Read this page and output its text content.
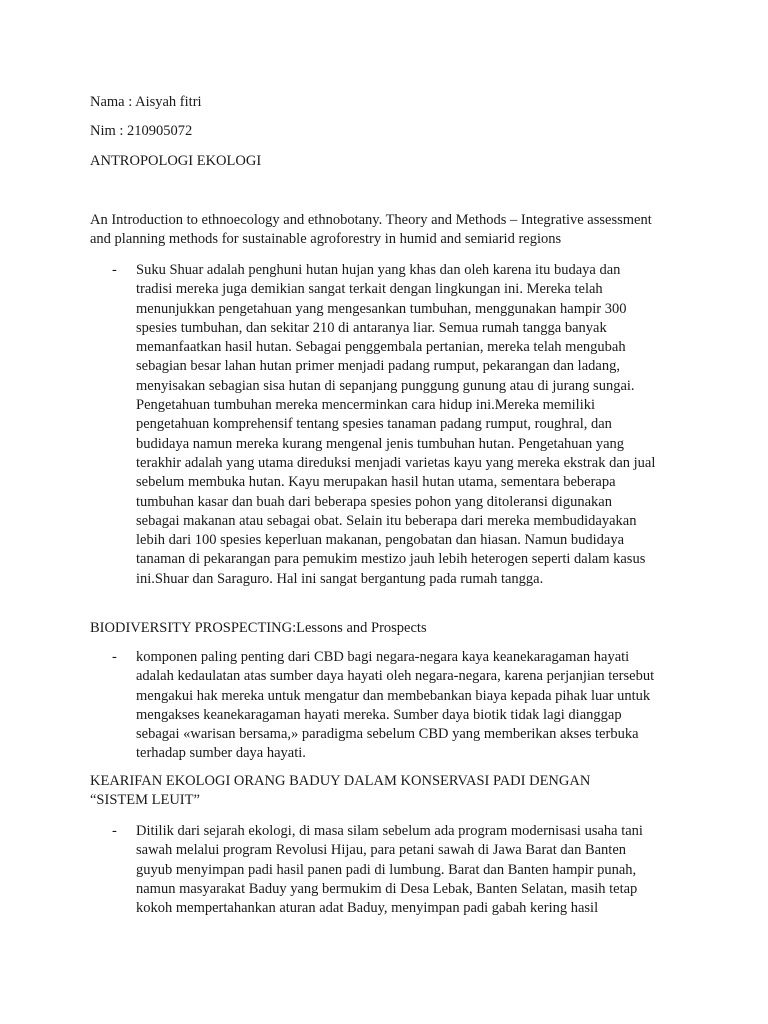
Nama : Aisyah fitri
Nim : 210905072
ANTROPOLOGI EKOLOGI
An Introduction to ethnoecology and ethnobotany. Theory and Methods – Integrative assessment
and planning methods for sustainable agroforestry in humid and semiarid regions
- Suku Shuar adalah penghuni hutan hujan yang khas dan oleh karena itu budaya dan
tradisi mereka juga demikian sangat terkait dengan lingkungan ini. Mereka telah
menunjukkan pengetahuan yang mengesankan tumbuhan, menggunakan hampir 300
spesies tumbuhan, dan sekitar 210 di antaranya liar. Semua rumah tangga banyak
memanfaatkan hasil hutan. Sebagai penggembala pertanian, mereka telah mengubah
sebagian besar lahan hutan primer menjadi padang rumput, pekarangan dan ladang,
menyisakan sebagian sisa hutan di sepanjang punggung gunung atau di jurang sungai.
Pengetahuan tumbuhan mereka mencerminkan cara hidup ini.Mereka memiliki
pengetahuan komprehensif tentang spesies tanaman padang rumput, roughral, dan
budidaya namun mereka kurang mengenal jenis tumbuhan hutan. Pengetahuan yang
terakhir adalah yang utama direduksi menjadi varietas kayu yang mereka ekstrak dan jual
sebelum membuka hutan. Kayu merupakan hasil hutan utama, sementara beberapa
tumbuhan kasar dan buah dari beberapa spesies pohon yang ditoleransi digunakan
sebagai makanan atau sebagai obat. Selain itu beberapa dari mereka membudidayakan
lebih dari 100 spesies keperluan makanan, pengobatan dan hiasan. Namun budidaya
tanaman di pekarangan para pemukim mestizo jauh lebih heterogen seperti dalam kasus
ini.Shuar dan Saraguro. Hal ini sangat bergantung pada rumah tangga.
BIODIVERSITY PROSPECTING:Lessons and Prospects
- komponen paling penting dari CBD bagi negara-negara kaya keanekaragaman hayati
adalah kedaulatan atas sumber daya hayati oleh negara-negara, karena perjanjian tersebut
mengakui hak mereka untuk mengatur dan membebankan biaya kepada pihak luar untuk
mengakses keanekaragaman hayati mereka. Sumber daya biotik tidak lagi dianggap
sebagai «warisan bersama,» paradigma sebelum CBD yang memberikan akses terbuka
terhadap sumber daya hayati.
KEARIFAN EKOLOGI ORANG BADUY DALAM KONSERVASI PADI DENGAN
“SISTEM LEUIT”
- Ditilik dari sejarah ekologi, di masa silam sebelum ada program modernisasi usaha tani
sawah melalui program Revolusi Hijau, para petani sawah di Jawa Barat dan Banten
guyub menyimpan padi hasil panen padi di lumbung. Barat dan Banten hampir punah,
namun masyarakat Baduy yang bermukim di Desa Lebak, Banten Selatan, masih tetap
kokoh mempertahankan aturan adat Baduy, menyimpan padi gabah kering hasil
